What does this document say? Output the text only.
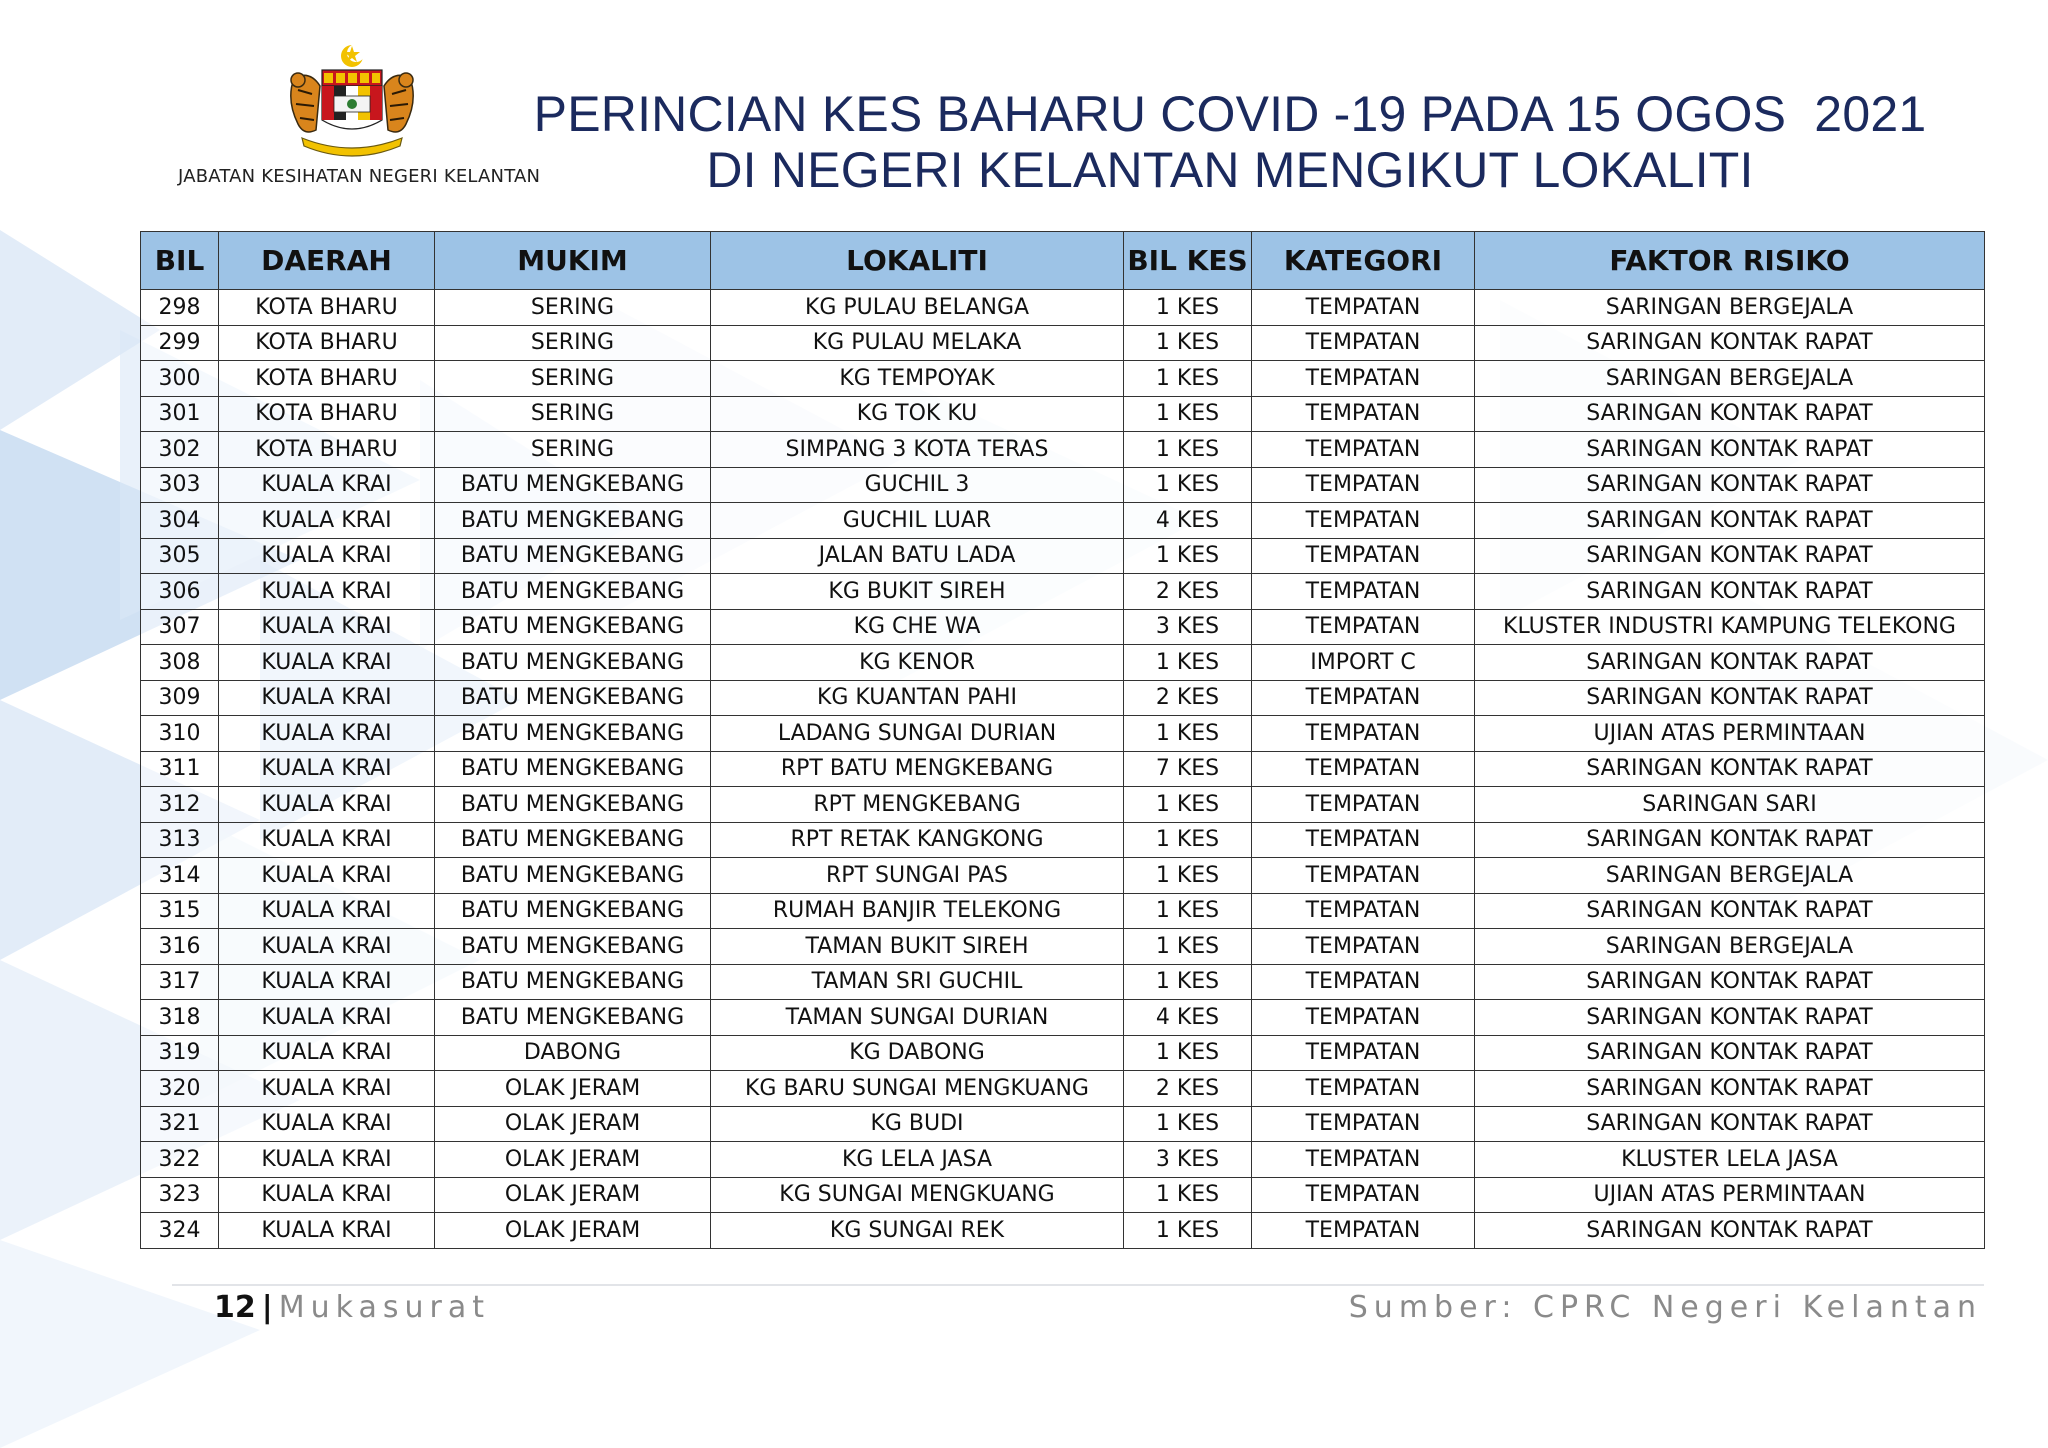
JABATAN KESIHATAN NEGERI KELANTAN
PERINCIAN KES BAHARU COVID -19 PADA 15 OGOS  2021
DI NEGERI KELANTAN MENGIKUT LOKALITI
BIL	DAERAH	MUKIM	LOKALITI	BIL KES	KATEGORI	FAKTOR RISIKO
298	KOTA BHARU	SERING	KG PULAU BELANGA	1 KES	TEMPATAN	SARINGAN BERGEJALA
299	KOTA BHARU	SERING	KG PULAU MELAKA	1 KES	TEMPATAN	SARINGAN KONTAK RAPAT
300	KOTA BHARU	SERING	KG TEMPOYAK	1 KES	TEMPATAN	SARINGAN BERGEJALA
301	KOTA BHARU	SERING	KG TOK KU	1 KES	TEMPATAN	SARINGAN KONTAK RAPAT
302	KOTA BHARU	SERING	SIMPANG 3 KOTA TERAS	1 KES	TEMPATAN	SARINGAN KONTAK RAPAT
303	KUALA KRAI	BATU MENGKEBANG	GUCHIL 3	1 KES	TEMPATAN	SARINGAN KONTAK RAPAT
304	KUALA KRAI	BATU MENGKEBANG	GUCHIL LUAR	4 KES	TEMPATAN	SARINGAN KONTAK RAPAT
305	KUALA KRAI	BATU MENGKEBANG	JALAN BATU LADA	1 KES	TEMPATAN	SARINGAN KONTAK RAPAT
306	KUALA KRAI	BATU MENGKEBANG	KG BUKIT SIREH	2 KES	TEMPATAN	SARINGAN KONTAK RAPAT
307	KUALA KRAI	BATU MENGKEBANG	KG CHE WA	3 KES	TEMPATAN	KLUSTER INDUSTRI KAMPUNG TELEKONG
308	KUALA KRAI	BATU MENGKEBANG	KG KENOR	1 KES	IMPORT C	SARINGAN KONTAK RAPAT
309	KUALA KRAI	BATU MENGKEBANG	KG KUANTAN PAHI	2 KES	TEMPATAN	SARINGAN KONTAK RAPAT
310	KUALA KRAI	BATU MENGKEBANG	LADANG SUNGAI DURIAN	1 KES	TEMPATAN	UJIAN ATAS PERMINTAAN
311	KUALA KRAI	BATU MENGKEBANG	RPT BATU MENGKEBANG	7 KES	TEMPATAN	SARINGAN KONTAK RAPAT
312	KUALA KRAI	BATU MENGKEBANG	RPT MENGKEBANG	1 KES	TEMPATAN	SARINGAN SARI
313	KUALA KRAI	BATU MENGKEBANG	RPT RETAK KANGKONG	1 KES	TEMPATAN	SARINGAN KONTAK RAPAT
314	KUALA KRAI	BATU MENGKEBANG	RPT SUNGAI PAS	1 KES	TEMPATAN	SARINGAN BERGEJALA
315	KUALA KRAI	BATU MENGKEBANG	RUMAH BANJIR TELEKONG	1 KES	TEMPATAN	SARINGAN KONTAK RAPAT
316	KUALA KRAI	BATU MENGKEBANG	TAMAN BUKIT SIREH	1 KES	TEMPATAN	SARINGAN BERGEJALA
317	KUALA KRAI	BATU MENGKEBANG	TAMAN SRI GUCHIL	1 KES	TEMPATAN	SARINGAN KONTAK RAPAT
318	KUALA KRAI	BATU MENGKEBANG	TAMAN SUNGAI DURIAN	4 KES	TEMPATAN	SARINGAN KONTAK RAPAT
319	KUALA KRAI	DABONG	KG DABONG	1 KES	TEMPATAN	SARINGAN KONTAK RAPAT
320	KUALA KRAI	OLAK JERAM	KG BARU SUNGAI MENGKUANG	2 KES	TEMPATAN	SARINGAN KONTAK RAPAT
321	KUALA KRAI	OLAK JERAM	KG BUDI	1 KES	TEMPATAN	SARINGAN KONTAK RAPAT
322	KUALA KRAI	OLAK JERAM	KG LELA JASA	3 KES	TEMPATAN	KLUSTER LELA JASA
323	KUALA KRAI	OLAK JERAM	KG SUNGAI MENGKUANG	1 KES	TEMPATAN	UJIAN ATAS PERMINTAAN
324	KUALA KRAI	OLAK JERAM	KG SUNGAI REK	1 KES	TEMPATAN	SARINGAN KONTAK RAPAT
12 | Mukasurat	Sumber: CPRC Negeri Kelantan
